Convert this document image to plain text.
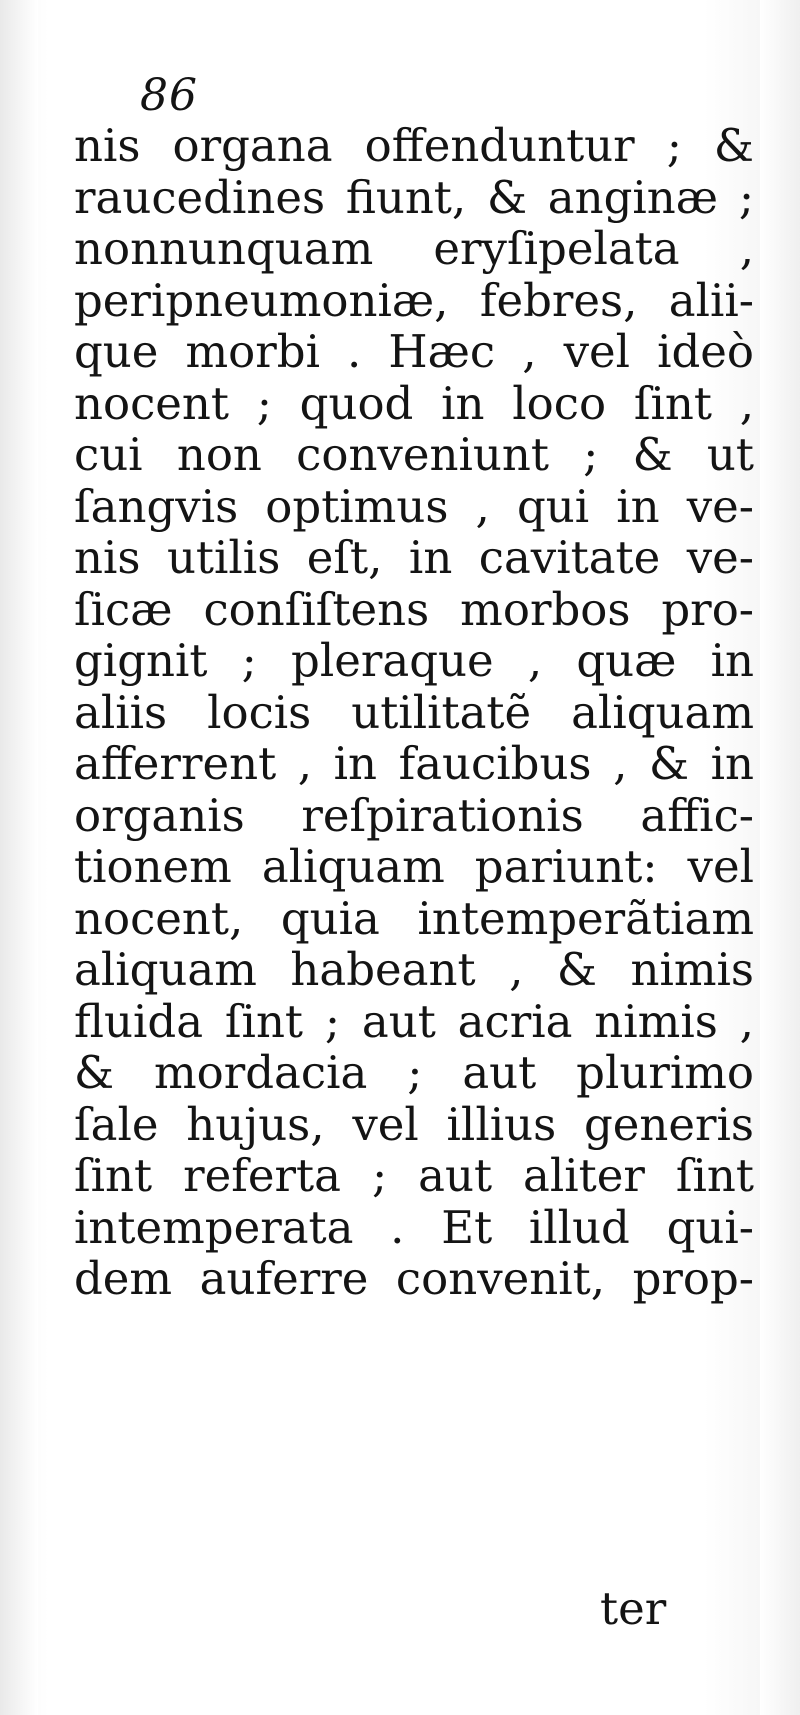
86
nis organa offenduntur ; &
raucedines fiunt, & anginæ ;
nonnunquam eryſipelata ,
peripneumoniæ, febres, alii-
que morbi . Hæc , vel ideò
nocent ; quod in loco ſint ,
cui non conveniunt ; & ut
ſangvis optimus , qui in ve-
nis utilis eſt, in cavitate ve-
ſicæ conſiſtens morbos pro-
gignit ; pleraque , quæ in
aliis locis utilitatẽ aliquam
afferrent , in faucibus , & in
organis reſpirationis affic-
tionem aliquam pariunt: vel
nocent, quia intemperãtiam
aliquam habeant , & nimis
fluida ſint ; aut acria nimis ,
& mordacia ; aut plurimo
ſale hujus, vel illius generis
ſint referta ; aut aliter ſint
intemperata . Et illud qui-
dem auferre convenit, prop-
ter
